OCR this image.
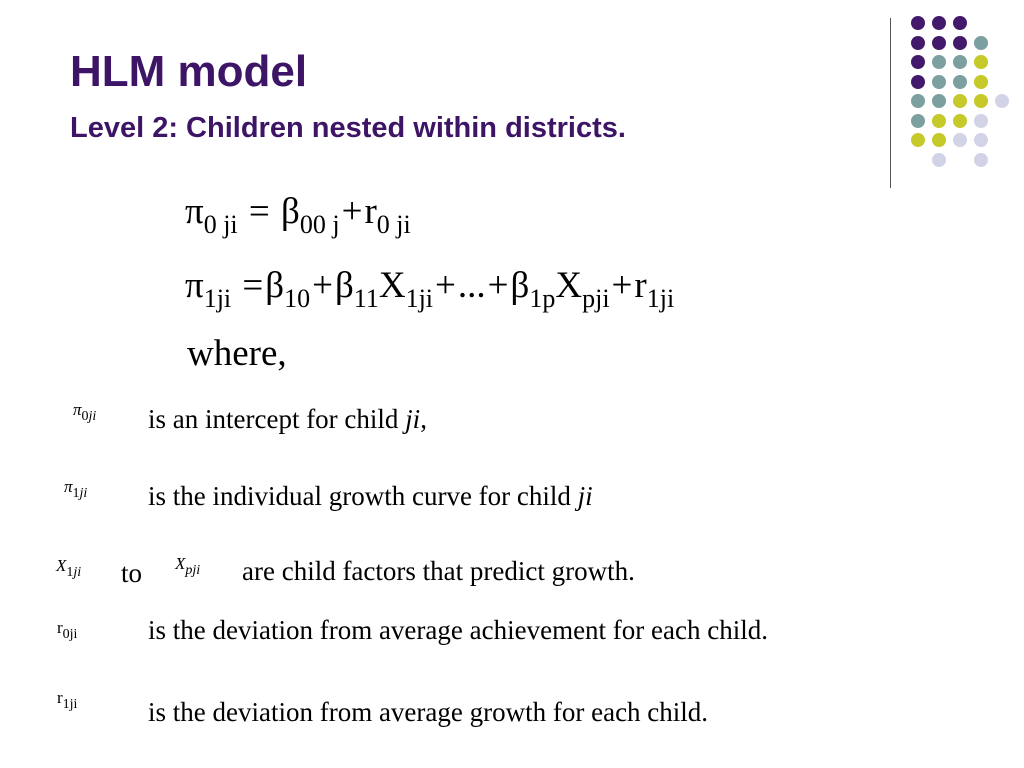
HLM model
Level 2: Children nested within districts.
$\pi_{0 ji} = \beta_{00 j}+r_{0 ji}$
$\pi_{1ji} =\beta_{10}+\beta_{11}X_{1ji}+...+\beta_{1p}X_{pji}+r_{1ji}$
where,
$\pi_{0ji}$ is an intercept for child ji,
$\pi_{1ji}$ is the individual growth curve for child ji
$X_{1ji}$ to $X_{pji}$ are child factors that predict growth.
$r_{0ji}$	is the deviation from average achievement for each child.
$r_{1ji}$	is the deviation from average growth for each child.
